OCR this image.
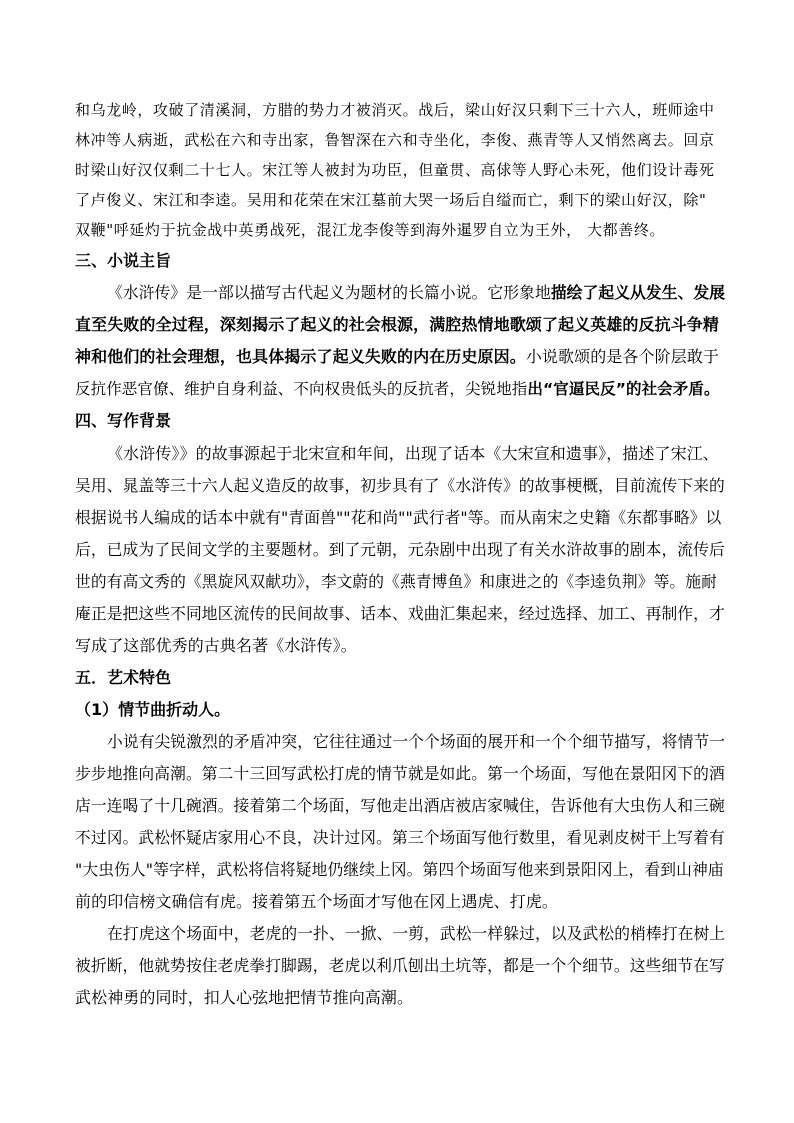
和乌龙岭，攻破了清溪洞，方腊的势力才被消灭。战后，梁山好汉只剩下三十六人，班师途中
林冲等人病逝，武松在六和寺出家，鲁智深在六和寺坐化，李俊、燕青等人又悄然离去。回京
时梁山好汉仅剩二十七人。宋江等人被封为功臣，但童贯、高俅等人野心未死，他们设计毒死
了卢俊义、宋江和李逵。吴用和花荣在宋江墓前大哭一场后自缢而亡，剩下的梁山好汉，除"
双鞭"呼延灼于抗金战中英勇战死，混江龙李俊等到海外暹罗自立为王外， 大都善终。
三、小说主旨
《水浒传》是一部以描写古代起义为题材的长篇小说。它形象地描绘了起义从发生、发展
直至失败的全过程，深刻揭示了起义的社会根源，满腔热情地歌颂了起义英雄的反抗斗争精
神和他们的社会理想，也具体揭示了起义失败的内在历史原因。小说歌颂的是各个阶层敢于
反抗作恶官僚、维护自身利益、不向权贵低头的反抗者，尖锐地指出“官逼民反”的社会矛盾。
四、写作背景
《水浒传》》的故事源起于北宋宣和年间，出现了话本《大宋宣和遗事》，描述了宋江、
吴用、晁盖等三十六人起义造反的故事，初步具有了《水浒传》的故事梗概，目前流传下来的
根据说书人编成的话本中就有"青面兽""花和尚""武行者"等。而从南宋之史籍《东都事略》以
后，已成为了民间文学的主要题材。到了元朝，元杂剧中出现了有关水浒故事的剧本，流传后
世的有高文秀的《黑旋风双献功》，李文蔚的《燕青博鱼》和康进之的《李逵负荆》等。施耐
庵正是把这些不同地区流传的民间故事、话本、戏曲汇集起来，经过选择、加工、再制作，才
写成了这部优秀的古典名著《水浒传》。
五．艺术特色
（1）情节曲折动人。
小说有尖锐激烈的矛盾冲突，它往往通过一个个场面的展开和一个个细节描写，将情节一
步步地推向高潮。第二十三回写武松打虎的情节就是如此。第一个场面，写他在景阳冈下的酒
店一连喝了十几碗酒。接着第二个场面，写他走出酒店被店家喊住，告诉他有大虫伤人和三碗
不过冈。武松怀疑店家用心不良，决计过冈。第三个场面写他行数里，看见剥皮树干上写着有
"大虫伤人"等字样，武松将信将疑地仍继续上冈。第四个场面写他来到景阳冈上，看到山神庙
前的印信榜文确信有虎。接着第五个场面才写他在冈上遇虎、打虎。
在打虎这个场面中，老虎的一扑、一掀、一剪，武松一样躲过，以及武松的梢棒打在树上
被折断，他就势按住老虎拳打脚踢，老虎以利爪刨出土坑等，都是一个个细节。这些细节在写
武松神勇的同时，扣人心弦地把情节推向高潮。
